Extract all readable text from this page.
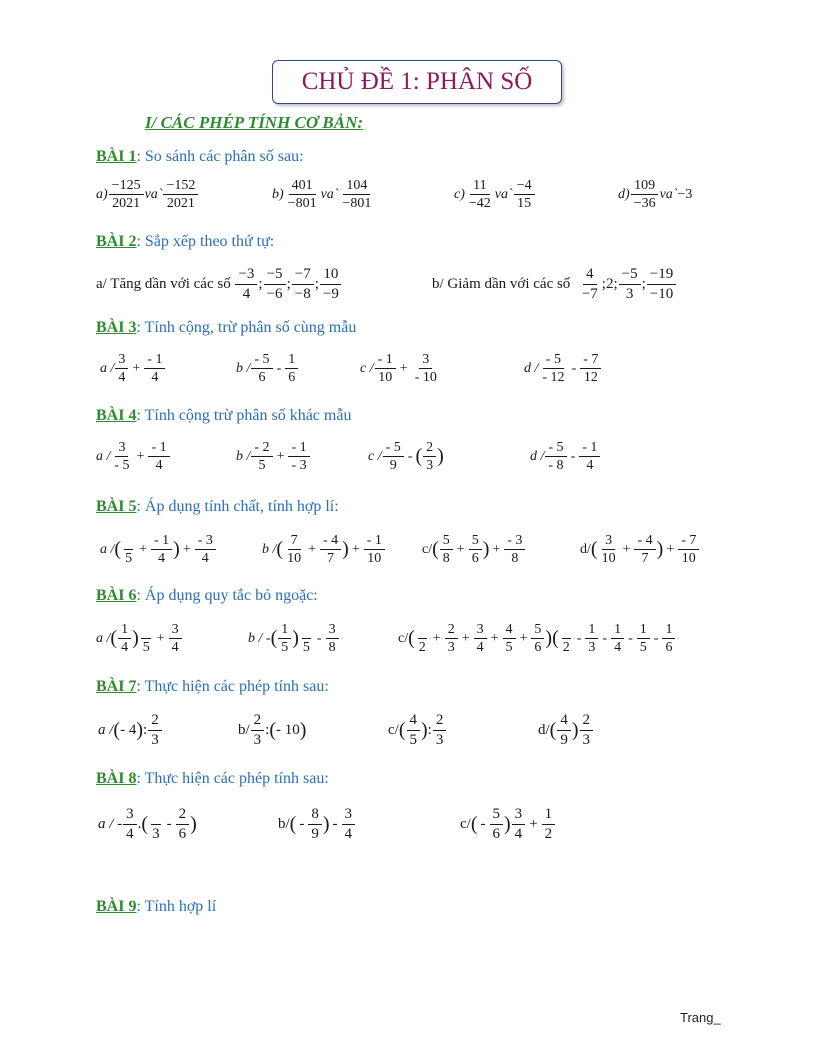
CHỦ ĐỀ 1: PHÂN SỐ
I/ CÁC PHÉP TÍNH CƠ BẢN:
BÀI 1: So sánh các phân số sau:
$a) \frac{-125}{2021}$ va` $\frac{-152}{2021}$	$b) \frac{401}{-801}$ va` $\frac{104}{-801}$	$c) \frac{11}{-42}$ va` $\frac{-4}{15}$	$d) \frac{109}{-36}$ va` −3
BÀI 2: Sắp xếp theo thứ tự:
a/ Tăng dần với các số
$\frac{-3}{4}$ ; $\frac{-5}{-6}$ ; $\frac{-7}{-8}$ ; $\frac{10}{-9}$	b/ Giảm dần với các số
$\frac{4}{-7}$ ;2; $\frac{-5}{3}$ ; $\frac{-19}{-10}$
BÀI 3: Tính cộng, trừ phân số cùng mẫu
$a / \frac{3}{4} + \frac{- 1}{4}$	b / $\frac{- 5}{6} - \frac{1}{6}$	$c / \frac{- 1}{10} + \frac{3}{- 10}$	d / $\frac{- 5}{- 12} - \frac{- 7}{12}$
BÀI 4: Tính cộng trừ phân số khác mẫu
$a / \frac{3}{- 5} + \frac{- 1}{4}$	$b / \frac{- 2}{5} + \frac{- 1}{- 3}$	c / $\frac{- 5}{9}$ - ( $\frac{2}{3}$ )	d / $\frac{- 5}{- 8} - \frac{- 1}{4}$
BÀI 5: Áp dụng tính chất, tính hợp lí:
a / (
5
+ $\frac{- 1}{4}$ ) + $\frac{- 3}{4}$	b / ( $\frac{7}{10} + \frac{- 4}{7}$ ) + $\frac{- 1}{10}$	c/ ( $\frac{5}{8} + \frac{5}{6}$ ) + $\frac{- 3}{8}$	d/ ( $\frac{3}{10} + \frac{- 4}{7}$ ) + $\frac{- 7}{10}$
BÀI 6: Áp dụng quy tắc bỏ ngoặc:
a / ( $\frac{1}{4}$ )
5
+ $\frac{3}{4}$	b / - ( $\frac{1}{5}$ )
5
- $\frac{3}{8}$	c/ (
2
+ $\frac{2}{3} + \frac{3}{4} + \frac{4}{5} + \frac{5}{6}$ ) (
2
- $\frac{1}{3} - \frac{1}{4} - \frac{1}{5} - \frac{1}{6}$
BÀI 7: Thực hiện các phép tính sau:
a / ( - 4 ) : $\frac{2}{3}$	$b/ \frac{2}{3}$ : ( - 10 )	c/ ( $\frac{4}{5}$ ) : $\frac{2}{3}$	d/ ( $\frac{4}{9}$ ) $\frac{2}{3}$
BÀI 8: Thực hiện các phép tính sau:
a / - $\frac{3}{4}$ . (
3
- $\frac{2}{6}$ )	b/ ( - $\frac{8}{9}$ ) - $\frac{3}{4}$	c/ ( - $\frac{5}{6}$ ) $\frac{3}{4} + \frac{1}{2}$
BÀI 9: Tính hợp lí
Trang_
